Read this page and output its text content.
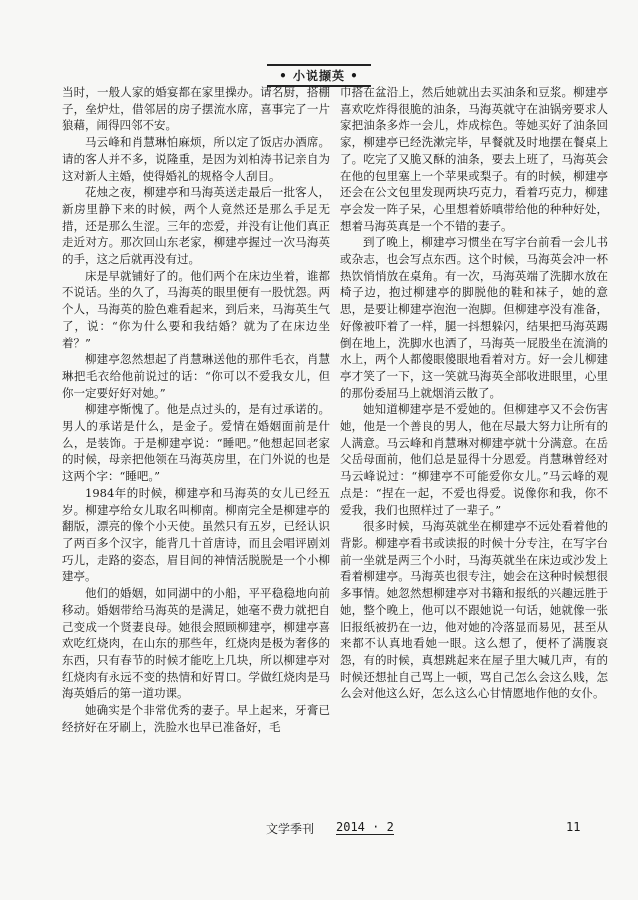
• 小说撷英 •

当时，一般人家的婚宴都在家里操办。请名厨，搭棚子，垒炉灶，借邻居的房子摆流水席，喜事完了一片狼藉，闹得四邻不安。

马云峰和肖慧琳怕麻烦，所以定了饭店办酒席。请的客人并不多，说隆重，是因为刘柏涛书记亲自为这对新人主婚，使得婚礼的规格令人刮目。

花烛之夜，柳建亭和马海英送走最后一批客人，新房里静下来的时候，两个人竟然还是那么手足无措，还是那么生涩。三年的恋爱，并没有让他们真正走近对方。那次回山东老家，柳建亭握过一次马海英的手，这之后就再没有过。

床是早就铺好了的。他们两个在床边坐着，谁都不说话。坐的久了，马海英的眼里便有一股忧怨。两个人，马海英的脸色难看起来，到后来，马海英生气了，说：“你为什么要和我结婚？就为了在床边坐着？”

柳建亭忽然想起了肖慧琳送他的那件毛衣，肖慧琳把毛衣给他前说过的话：“你可以不爱我女儿，但你一定要好好对她。”

柳建亭惭愧了。他是点过头的，是有过承诺的。男人的承诺是什么，是金子。爱情在婚姻面前是什么，是装饰。于是柳建亭说：“睡吧。”他想起回老家的时候，母亲把他领在马海英房里，在门外说的也是这两个字：“睡吧。”

1984年的时候，柳建亭和马海英的女儿已经五岁。柳建亭给女儿取名叫柳南。柳南完全是柳建亭的翻版，漂亮的像个小天使。虽然只有五岁，已经认识了两百多个汉字，能背几十首唐诗，而且会唱评剧刘巧儿，走路的姿态，眉目间的神情活脱脱是一个小柳建亭。

他们的婚姻，如同湖中的小船，平平稳稳地向前移动。婚姻带给马海英的是满足，她毫不费力就把自己变成一个贤妻良母。她很会照顾柳建亭，柳建亭喜欢吃红烧肉，在山东的那些年，红烧肉是极为奢侈的东西，只有春节的时候才能吃上几块，所以柳建亭对红烧肉有永远不变的热情和好胃口。学做红烧肉是马海英婚后的第一道功课。

她确实是个非常优秀的妻子。早上起来，牙膏已经挤好在牙刷上，洗脸水也早已准备好，毛

巾搭在盆沿上，然后她就出去买油条和豆浆。柳建亭喜欢吃炸得很脆的油条，马海英就守在油锅旁要求人家把油条多炸一会儿，炸成棕色。等她买好了油条回家，柳建亭已经洗漱完毕，早餐就及时地摆在餐桌上了。吃完了又脆又酥的油条，要去上班了，马海英会在他的包里塞上一个苹果或梨子。有的时候，柳建亭还会在公文包里发现两块巧克力，看着巧克力，柳建亭会发一阵子呆，心里想着娇嗔带给他的种种好处，想着马海英真是一个不错的妻子。

到了晚上，柳建亭习惯坐在写字台前看一会儿书或杂志，也会写点东西。这个时候，马海英会冲一杯热饮悄悄放在桌角。有一次，马海英端了洗脚水放在椅子边，抱过柳建亭的脚脱他的鞋和袜子，她的意思，是要让柳建亭泡泡一泡脚。但柳建亭没有准备，好像被吓着了一样，腿一抖想躲闪，结果把马海英踢倒在地上，洗脚水也洒了，马海英一屁股坐在流淌的水上，两个人都傻眼傻眼地看着对方。好一会儿柳建亭才笑了一下，这一笑就马海英全部收进眼里，心里的那份委屈马上就烟消云散了。

她知道柳建亭是不爱她的。但柳建亭又不会伤害她，他是一个善良的男人，他在尽最大努力让所有的人满意。马云峰和肖慧琳对柳建亭就十分满意。在岳父岳母面前，他们总是显得十分恩爱。肖慧琳曾经对马云峰说过：“柳建亭不可能爱你女儿。”马云峰的观点是：“捏在一起，不爱也得爱。说像你和我，你不爱我，我们也照样过了一辈子。”

很多时候，马海英就坐在柳建亭不远处看着他的背影。柳建亭看书或读报的时候十分专注，在写字台前一坐就是两三个小时，马海英就坐在床边或沙发上看着柳建亭。马海英也很专注，她会在这种时候想很多事情。她忽然想柳建亭对书籍和报纸的兴趣远胜于她，整个晚上，他可以不跟她说一句话，她就像一张旧报纸被扔在一边，他对她的冷落显而易见，甚至从来都不认真地看她一眼。这么想了，便杯了满腹哀怨，有的时候，真想跳起来在屋子里大喊几声，有的时候还想扯自己骂上一顿，骂自己怎么会这么贱，怎么会对他这么好，怎么这么心甘情愿地作他的女仆。

文学季刊 2014 · 2	11
